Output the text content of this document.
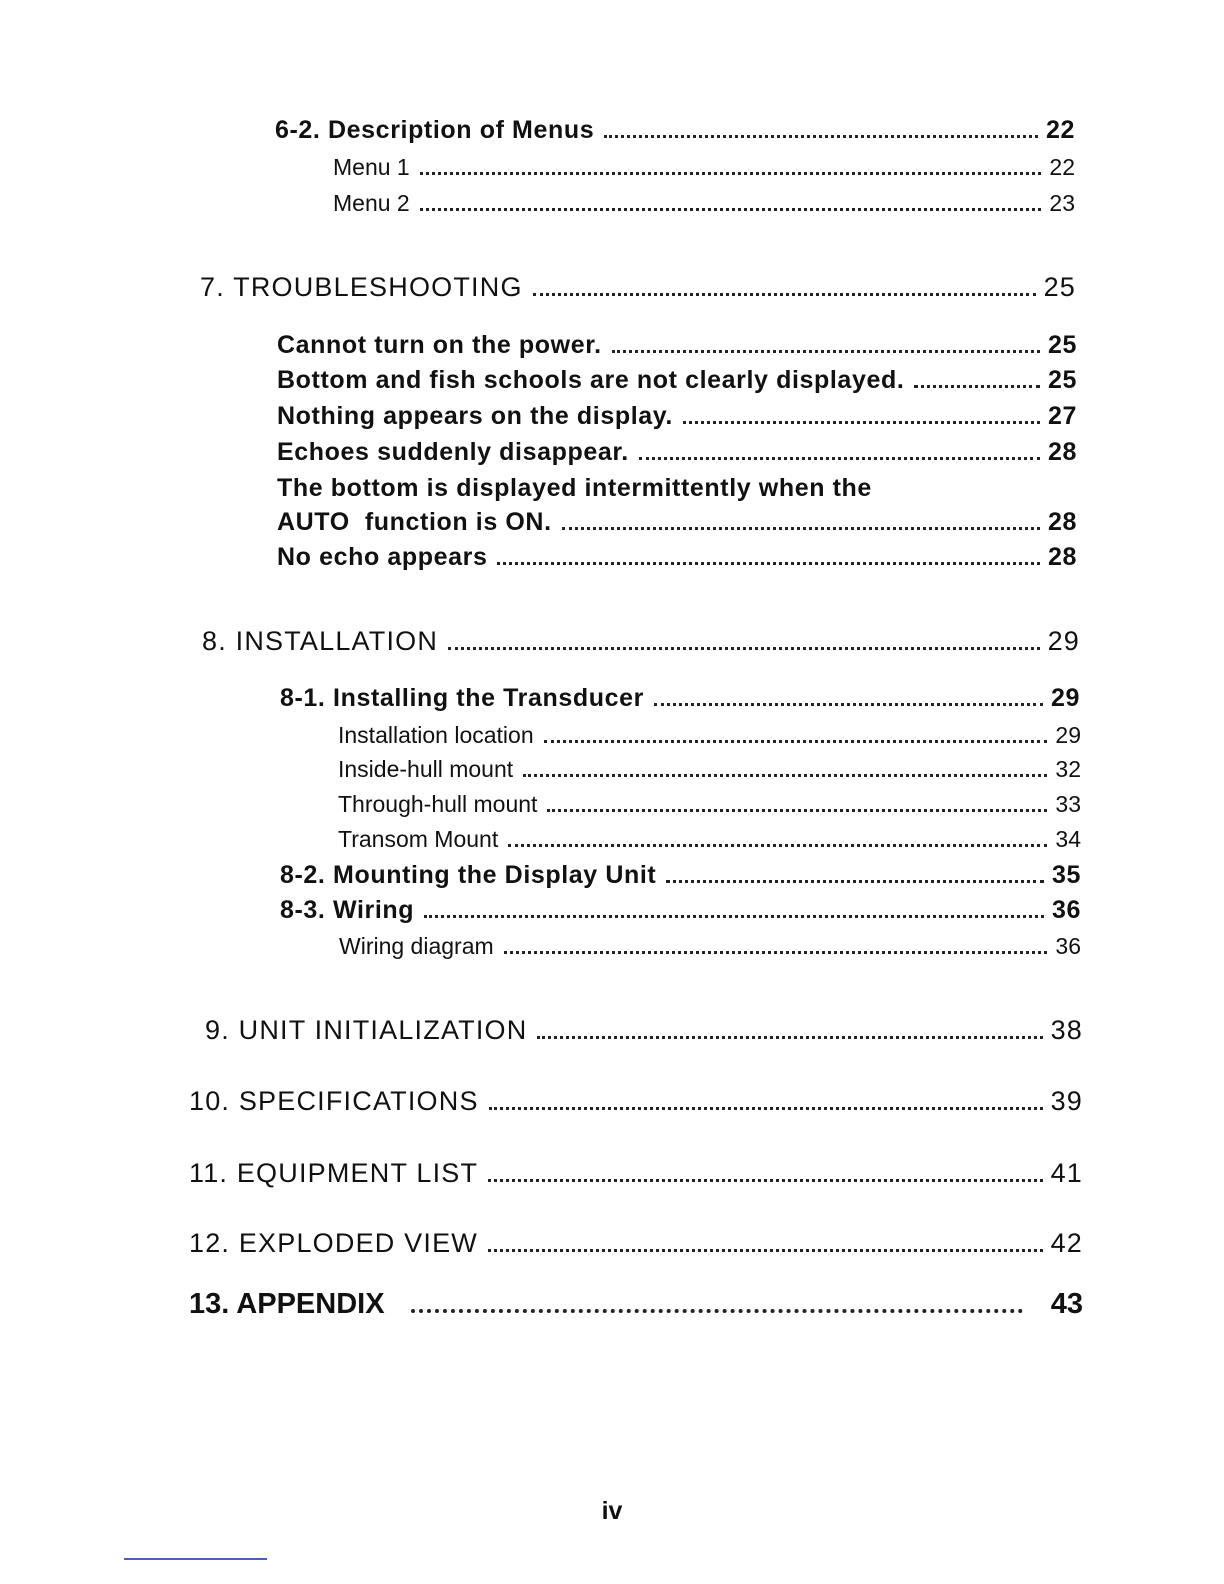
6-2. Description of Menus	22
Menu 1	22
Menu 2	23
7. TROUBLESHOOTING	25
Cannot turn on the power.	25
Bottom and fish schools are not clearly displayed.	25
Nothing appears on the display.	27
Echoes suddenly disappear.	28
The bottom is displayed intermittently when the
AUTO  function is ON.	28
No echo appears	28
8. INSTALLATION	29
8-1. Installing the Transducer	29
Installation location	29
Inside-hull mount	32
Through-hull mount	33
Transom Mount	34
8-2. Mounting the Display Unit	35
8-3. Wiring	36
Wiring diagram	36
9. UNIT INITIALIZATION	38
10. SPECIFICATIONS	39
11. EQUIPMENT LIST	41
12. EXPLODED VIEW	42
13. APPENDIX	43
iv
